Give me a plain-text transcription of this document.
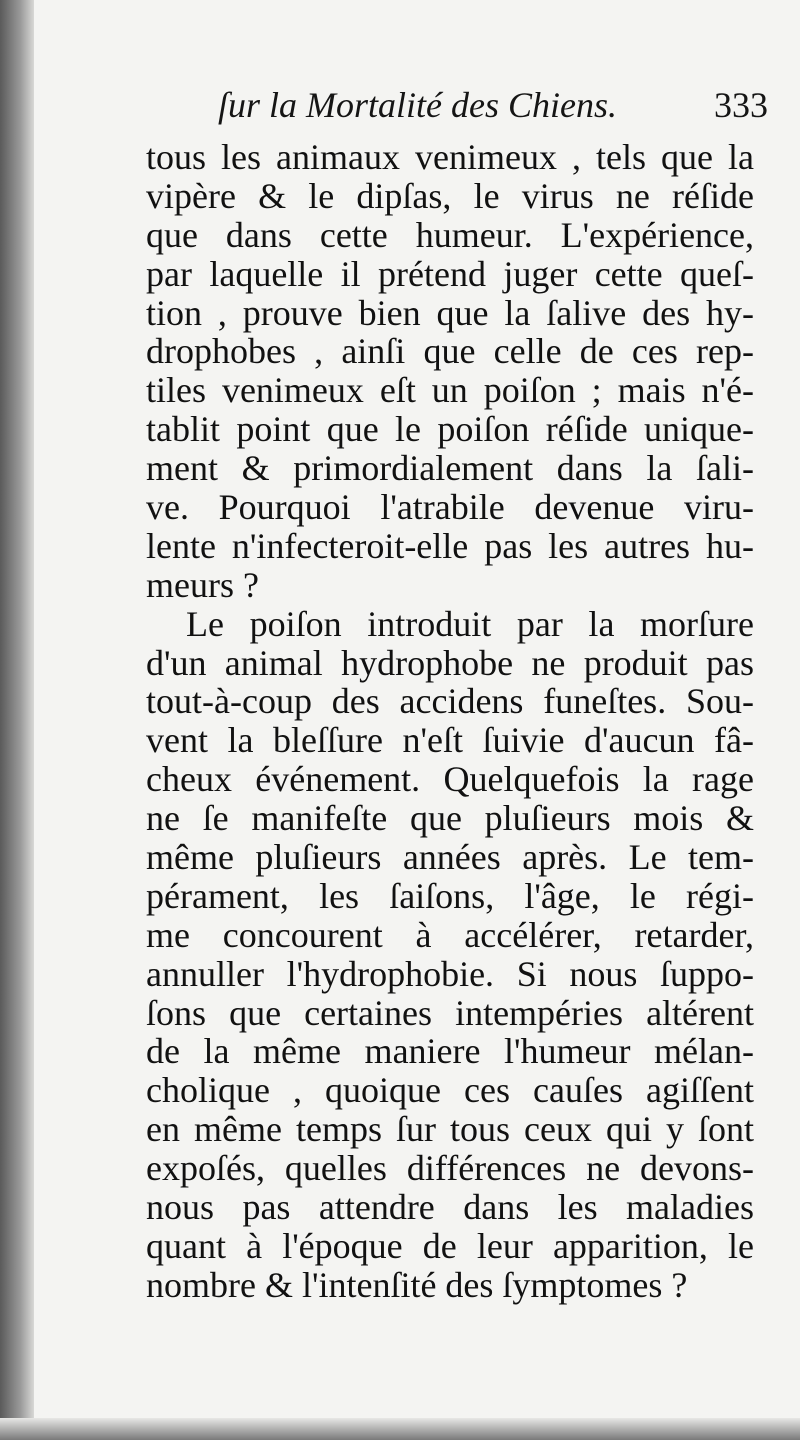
ſur la Mortalité des Chiens.	333
tous les animaux venimeux , tels que la
vipère & le dipſas, le virus ne réſide
que dans cette humeur. L'expérience,
par laquelle il prétend juger cette queſ-
tion , prouve bien que la ſalive des hy-
drophobes , ainſi que celle de ces rep-
tiles venimeux eſt un poiſon ; mais n'é-
tablit point que le poiſon réſide unique-
ment & primordialement dans la ſali-
ve. Pourquoi l'atrabile devenue viru-
lente n'infecteroit-elle pas les autres hu-
meurs ?
Le poiſon introduit par la morſure
d'un animal hydrophobe ne produit pas
tout-à-coup des accidens funeſtes. Sou-
vent la bleſſure n'eſt ſuivie d'aucun fâ-
cheux événement. Quelquefois la rage
ne ſe manifeſte que pluſieurs mois &
même pluſieurs années après. Le tem-
pérament, les ſaiſons, l'âge, le régi-
me concourent à accélérer, retarder,
annuller l'hydrophobie. Si nous ſuppo-
ſons que certaines intempéries altérent
de la même maniere l'humeur mélan-
cholique , quoique ces cauſes agiſſent
en même temps ſur tous ceux qui y ſont
expoſés, quelles différences ne devons-
nous pas attendre dans les maladies
quant à l'époque de leur apparition, le
nombre & l'intenſité des ſymptomes ?
